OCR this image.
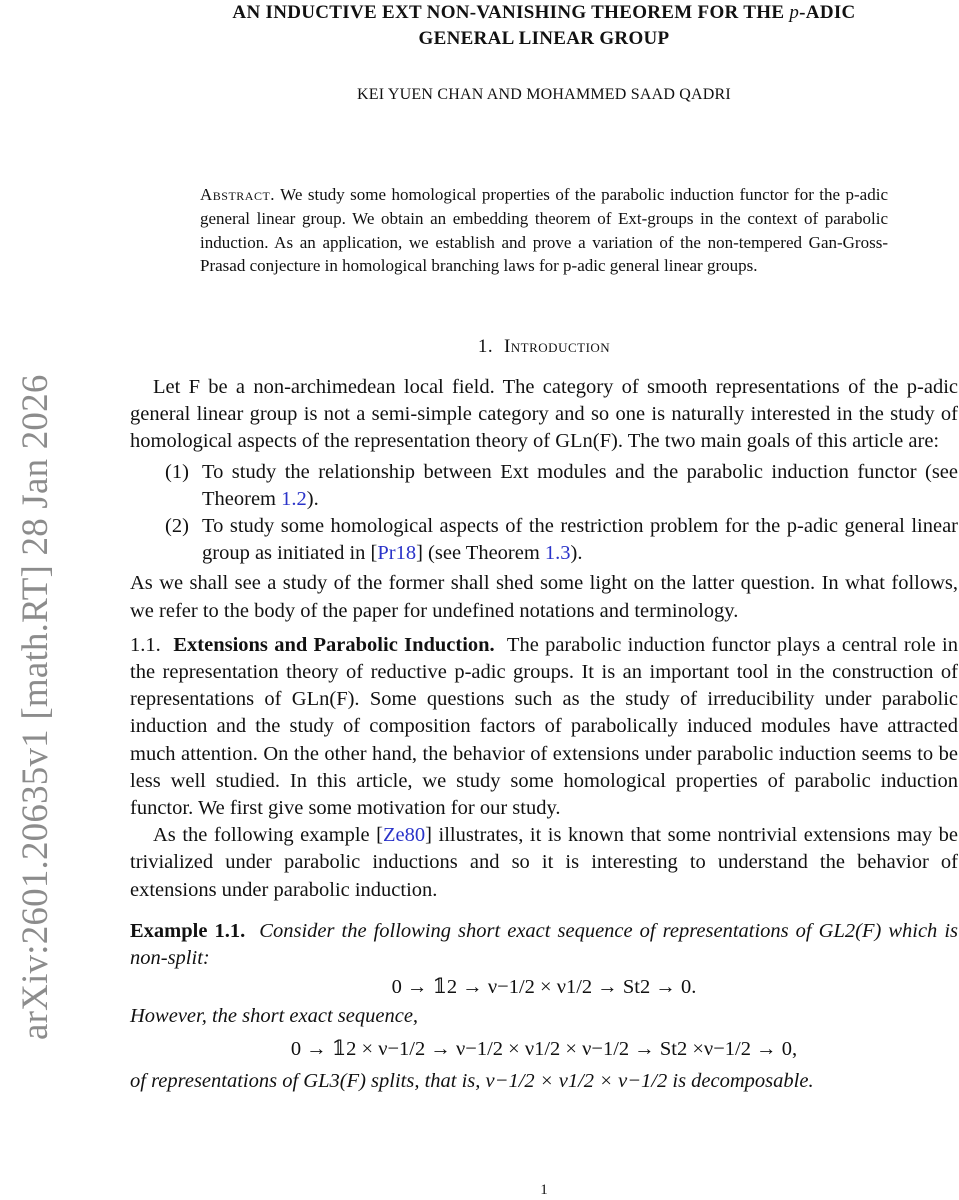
arXiv:2601.20635v1 [math.RT] 28 Jan 2026
AN INDUCTIVE EXT NON-VANISHING THEOREM FOR THE p-ADIC
GENERAL LINEAR GROUP
KEI YUEN CHAN AND MOHAMMED SAAD QADRI
Abstract. We study some homological properties of the parabolic induction functor for the p-adic general linear group. We obtain an embedding theorem of Ext-groups in the context of parabolic induction. As an application, we establish and prove a variation of the non-tempered Gan-Gross-Prasad conjecture in homological branching laws for p-adic general linear groups.
1. Introduction

Let F be a non-archimedean local field. The category of smooth representations of the p-adic general linear group is not a semi-simple category and so one is naturally interested in the study of homological aspects of the representation theory of GLn(F). The two main goals of this article are:

(1) To study the relationship between Ext modules and the parabolic induction functor (see Theorem 1.2).
(2) To study some homological aspects of the restriction problem for the p-adic general linear group as initiated in [Pr18] (see Theorem 1.3).

As we shall see a study of the former shall shed some light on the latter question. In what follows, we refer to the body of the paper for undefined notations and terminology.

1.1. Extensions and Parabolic Induction. The parabolic induction functor plays a central role in the representation theory of reductive p-adic groups. It is an important tool in the construction of representations of GLn(F). Some questions such as the study of irreducibility under parabolic induction and the study of composition factors of parabolically induced modules have attracted much attention. On the other hand, the behavior of extensions under parabolic induction seems to be less well studied. In this article, we study some homological properties of parabolic induction functor. We first give some motivation for our study.

As the following example [Ze80] illustrates, it is known that some nontrivial extensions may be trivialized under parabolic inductions and so it is interesting to understand the behavior of extensions under parabolic induction.

Example 1.1. Consider the following short exact sequence of representations of GL2(F) which is non-split:

0 → 𝟙2 → ν−1/2 × ν1/2 → St2 → 0.

However, the short exact sequence,

0 → 𝟙2 × ν−1/2 → ν−1/2 × ν1/2 × ν−1/2 → St2 ×ν−1/2 → 0,

of representations of GL3(F) splits, that is, ν−1/2 × ν1/2 × ν−1/2 is decomposable.

1
